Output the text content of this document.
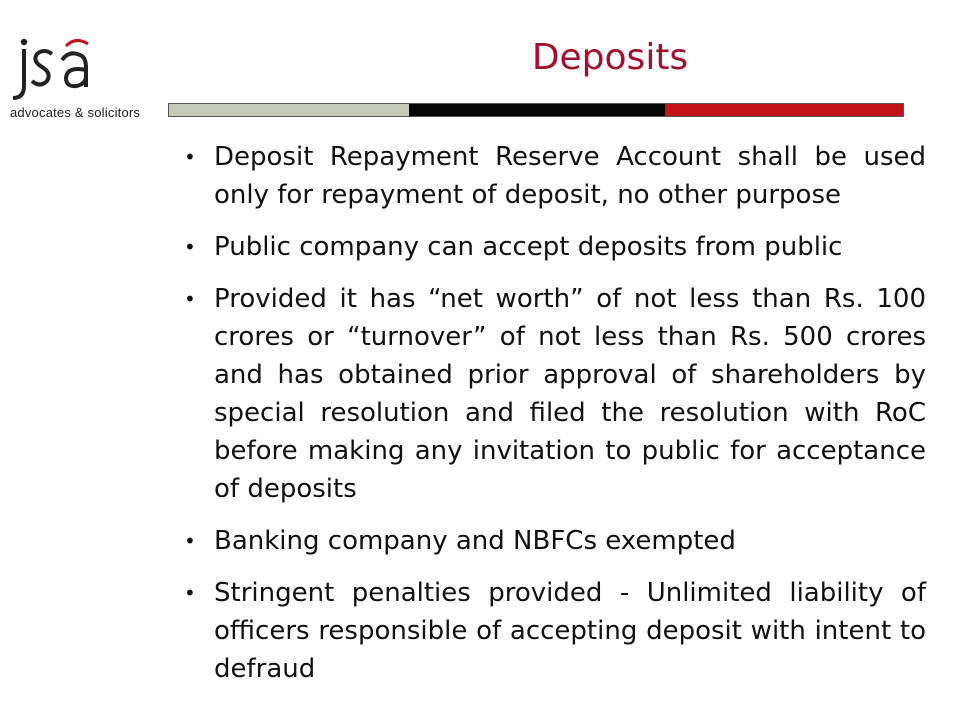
advocates & solicitors
Deposits
• Deposit Repayment Reserve Account shall be used only for repayment of deposit, no other purpose
• Public company can accept deposits from public
• Provided it has “net worth” of not less than Rs. 100 crores or “turnover” of not less than Rs. 500 crores and has obtained prior approval of shareholders by special resolution and filed the resolution with RoC before making any invitation to public for acceptance of deposits
• Banking company and NBFCs exempted
• Stringent penalties provided - Unlimited liability of officers responsible of accepting deposit with intent to defraud
